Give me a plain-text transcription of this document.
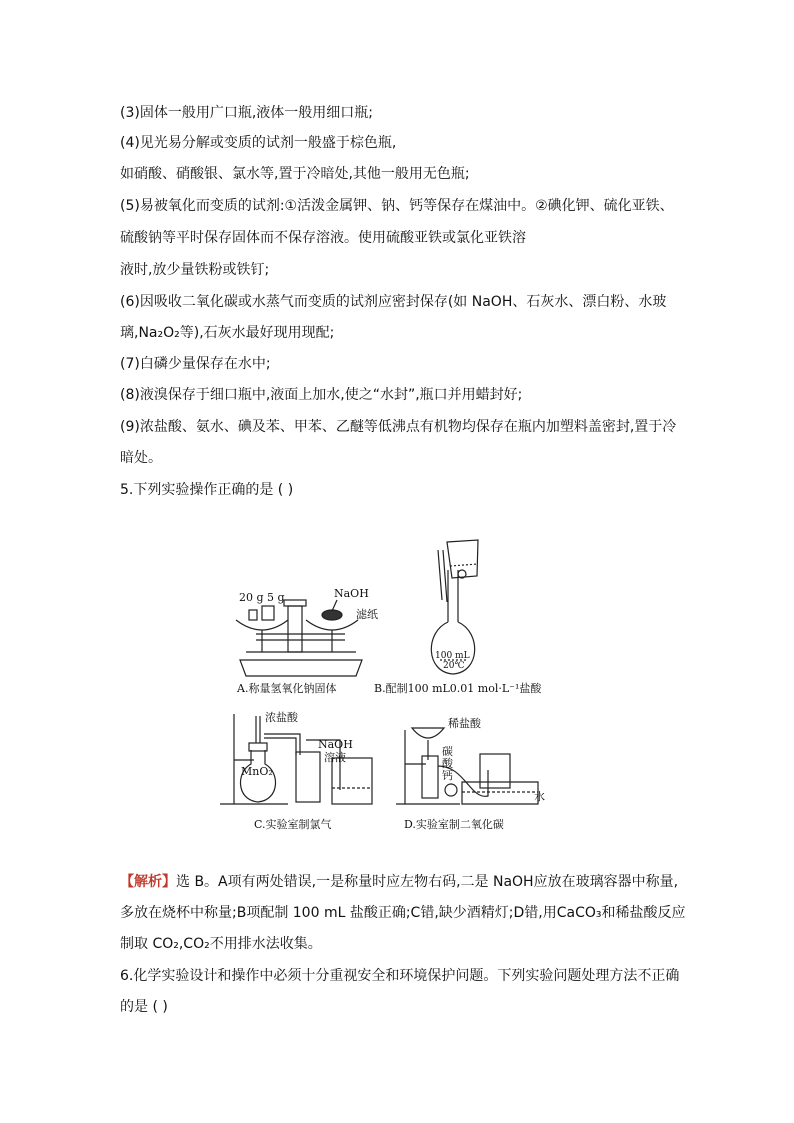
(3)固体一般用广口瓶,液体一般用细口瓶;
(4)见光易分解或变质的试剂一般盛于棕色瓶,
如硝酸、硝酸银、氯水等,置于冷暗处,其他一般用无色瓶;
(5)易被氧化而变质的试剂:①活泼金属钾、钠、钙等保存在煤油中。②碘化钾、硫化亚铁、
硫酸钠等平时保存固体而不保存溶液。使用硫酸亚铁或氯化亚铁溶
液时,放少量铁粉或铁钉;
(6)因吸收二氧化碳或水蒸气而变质的试剂应密封保存(如 NaOH、石灰水、漂白粉、水玻
璃,Na₂O₂等),石灰水最好现用现配;
(7)白磷少量保存在水中;
(8)液溴保存于细口瓶中,液面上加水,使之“水封”,瓶口并用蜡封好;
(9)浓盐酸、氨水、碘及苯、甲苯、乙醚等低沸点有机物均保存在瓶内加塑料盖密封,置于冷
暗处。
5.下列实验操作正确的是 ( )
20 g 5 g	NaOH
滤纸
A.称量氢氧化钠固体
100 mL
20℃
B.配制100 mL0.01 mol·L⁻¹盐酸
浓盐酸
MnO₂
NaOH
溶液
C.实验室制氯气
稀盐酸
碳
酸
钙
水
D.实验室制二氧化碳
【解析】选 B。A项有两处错误,一是称量时应左物右码,二是 NaOH应放在玻璃容器中称量,
多放在烧杯中称量;B项配制 100 mL 盐酸正确;C错,缺少酒精灯;D错,用CaCO₃和稀盐酸反应
制取 CO₂,CO₂不用排水法收集。
6.化学实验设计和操作中必须十分重视安全和环境保护问题。下列实验问题处理方法不正确
的是 ( )
